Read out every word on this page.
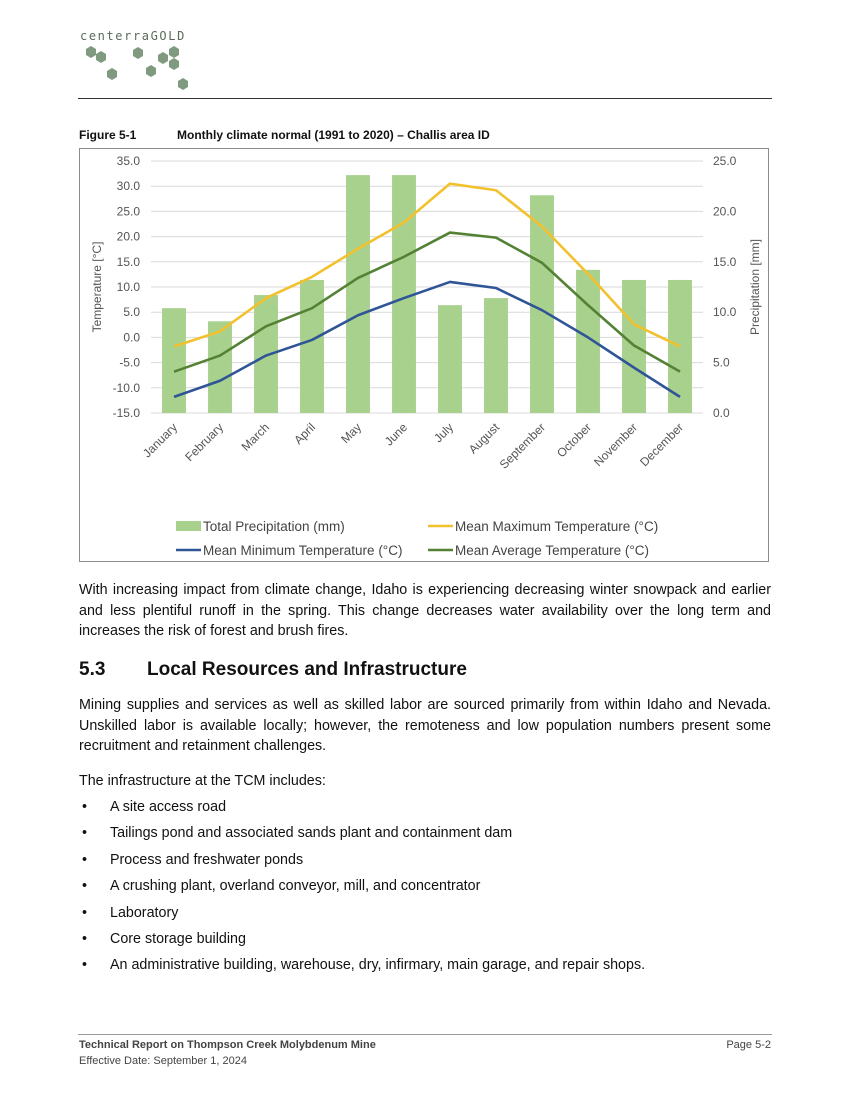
centerraGOLD
Figure 5-1	Monthly climate normal (1991 to 2020) – Challis area ID
35.0
30.0
25.0
20.0
15.0
10.0
5.0
0.0
-5.0
-10.0
-15.0
25.0
20.0
15.0
10.0
5.0
0.0
Temperature [°C]	Precipitation [mm]
January February March April May June July August
September October
November
December
Total Precipitation (mm)	Mean Maximum Temperature (°C)
Mean Minimum Temperature (°C)	Mean Average Temperature (°C)
With increasing impact from climate change, Idaho is experiencing decreasing winter snowpack and earlier and less plentiful runoff in the spring. This change decreases water availability over the long term and increases the risk of forest and brush fires.
5.3 Local Resources and Infrastructure
Mining supplies and services as well as skilled labor are sourced primarily from within Idaho and Nevada. Unskilled labor is available locally; however, the remoteness and low population numbers present some recruitment and retainment challenges.
The infrastructure at the TCM includes:
• A site access road
• Tailings pond and associated sands plant and containment dam
• Process and freshwater ponds
• A crushing plant, overland conveyor, mill, and concentrator
• Laboratory
• Core storage building
• An administrative building, warehouse, dry, infirmary, main garage, and repair shops.
Technical Report on Thompson Creek Molybdenum Mine
Effective Date: September 1, 2024
Page 5-2
